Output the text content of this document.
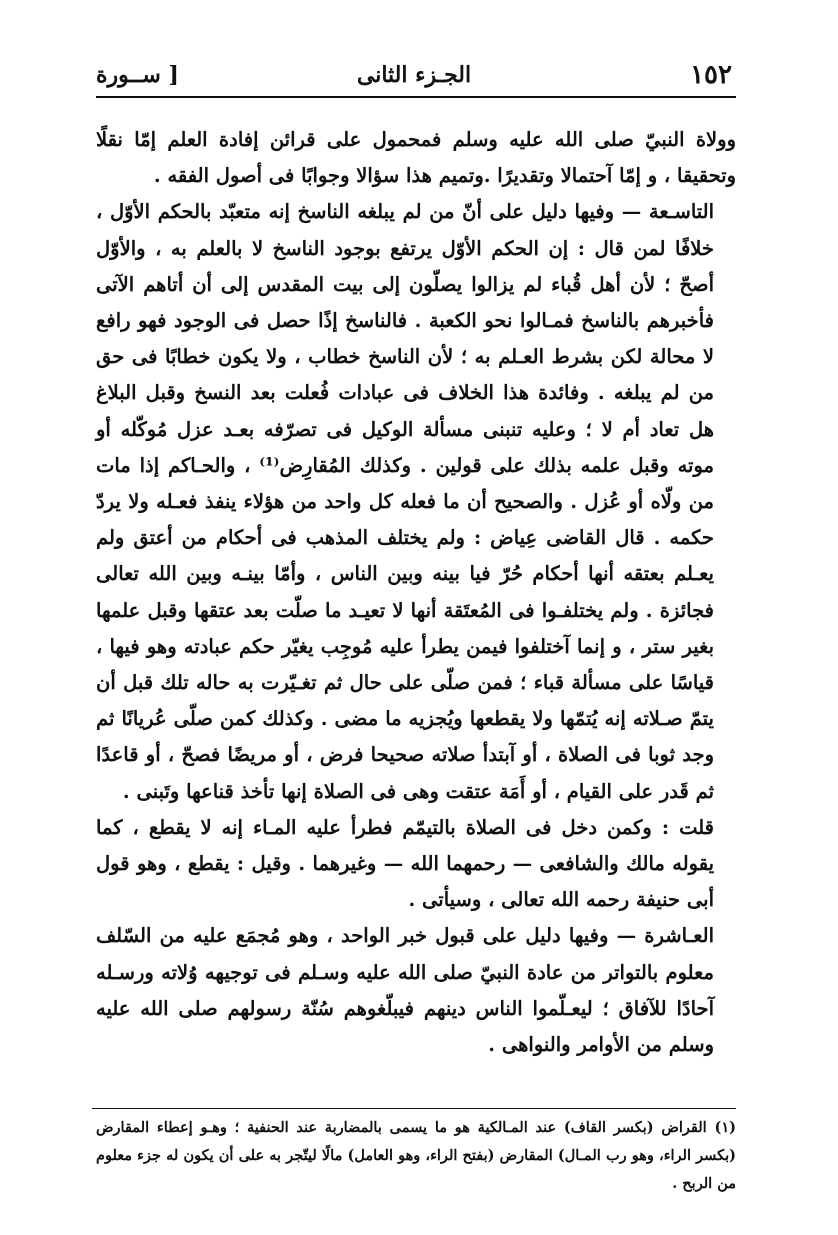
١٥٢
الجـزء الثانى
[ ســورة

وولاة النبيّ صلى الله عليه وسلم فمحمول على قرائن إفادة العلم إمّا نقلًا وتحقيقا ، و إمّا آحتمالا وتقديرًا .وتميم هذا سؤالا وجوابًا فى أصول الفقه .

التاسـعة — وفيها دليل على أنّ من لم يبلغه الناسخ إنه متعبّد بالحكم الأوّل ، خلافًا لمن قال : إن الحكم الأوّل يرتفع بوجود الناسخ لا بالعلم به ، والأوّل أصحّ ؛ لأن أهل قُباء لم يزالوا يصلّون إلى بيت المقدس إلى أن أتاهم الآتى فأخبرهم بالناسخ فمـالوا نحو الكعبة . فالناسخ إذًا حصل فى الوجود فهو رافع لا محالة لكن بشرط العـلم به ؛ لأن الناسخ خطاب ، ولا يكون خطابًا فى حق من لم يبلغه . وفائدة هذا الخلاف فى عبادات فُعلت بعد النسخ وقبل البلاغ هل تعاد أم لا ؛ وعليه تنبنى مسألة الوكيل فى تصرّفه بعـد عزل مُوكّله أو موته وقبل علمه بذلك على قولين . وكذلك المُقارِض⁽¹⁾ ، والحـاكم إذا مات من ولّاه أو عُزل . والصحيح أن ما فعله كل واحد من هؤلاء ينفذ فعـله ولا يردّ حكمه . قال القاضى عِياض : ولم يختلف المذهب فى أحكام من أعتق ولم يعـلم بعتقه أنها أحكام حُرّ فيا بينه وبين الناس ، وأمّا بينـه وبين الله تعالى فجائزة . ولم يختلفـوا فى المُعتَقة أنها لا تعيـد ما صلّت بعد عتقها وقبل علمها بغير ستر ، و إنما آختلفوا فيمن يطرأ عليه مُوجِب يغيّر حكم عبادته وهو فيها ، قياسًا على مسألة قباء ؛ فمن صلّى على حال ثم تغـيّرت به حاله تلك قبل أن يتمّ صـلاته إنه يُتمّها ولا يقطعها ويُجزيه ما مضى . وكذلك كمن صلّى عُريانًا ثم وجد ثوبا فى الصلاة ، أو آبتدأ صلاته صحيحا فرض ، أو مريضًا فصحّ ، أو قاعدًا ثم قَدر على القيام ، أو أَمَة عتقت وهى فى الصلاة إنها تأخذ قناعها وتَبنى .

قلت : وكمن دخل فى الصلاة بالتيمّم فطرأ عليه المـاء إنه لا يقطع ، كما يقوله مالك والشافعى — رحمهما الله — وغيرهما . وقيل : يقطع ، وهو قول أبى حنيفة رحمه الله تعالى ، وسيأتى .

العـاشرة — وفيها دليل على قبول خبر الواحد ، وهو مُجمَع عليه من السّلف معلوم بالتواتر من عادة النبيّ صلى الله عليه وسـلم فى توجيهه وُلاته ورسـله آحادًا للآفاق ؛ ليعـلّموا الناس دينهم فيبلّغوهم سُنّة رسولهم صلى الله عليه وسلم من الأوامر والنواهى .

(١) القراض (بكسر القاف) عند المـالكية هو ما يسمى بالمضاربة عند الحنفية ؛ وهـو إعطاء المقارض (بكسر الراء، وهو رب المـال) المقارض (بفتح الراء، وهو العامل) مالًا ليتّجر به على أن يكون له جزء معلوم من الربح .
